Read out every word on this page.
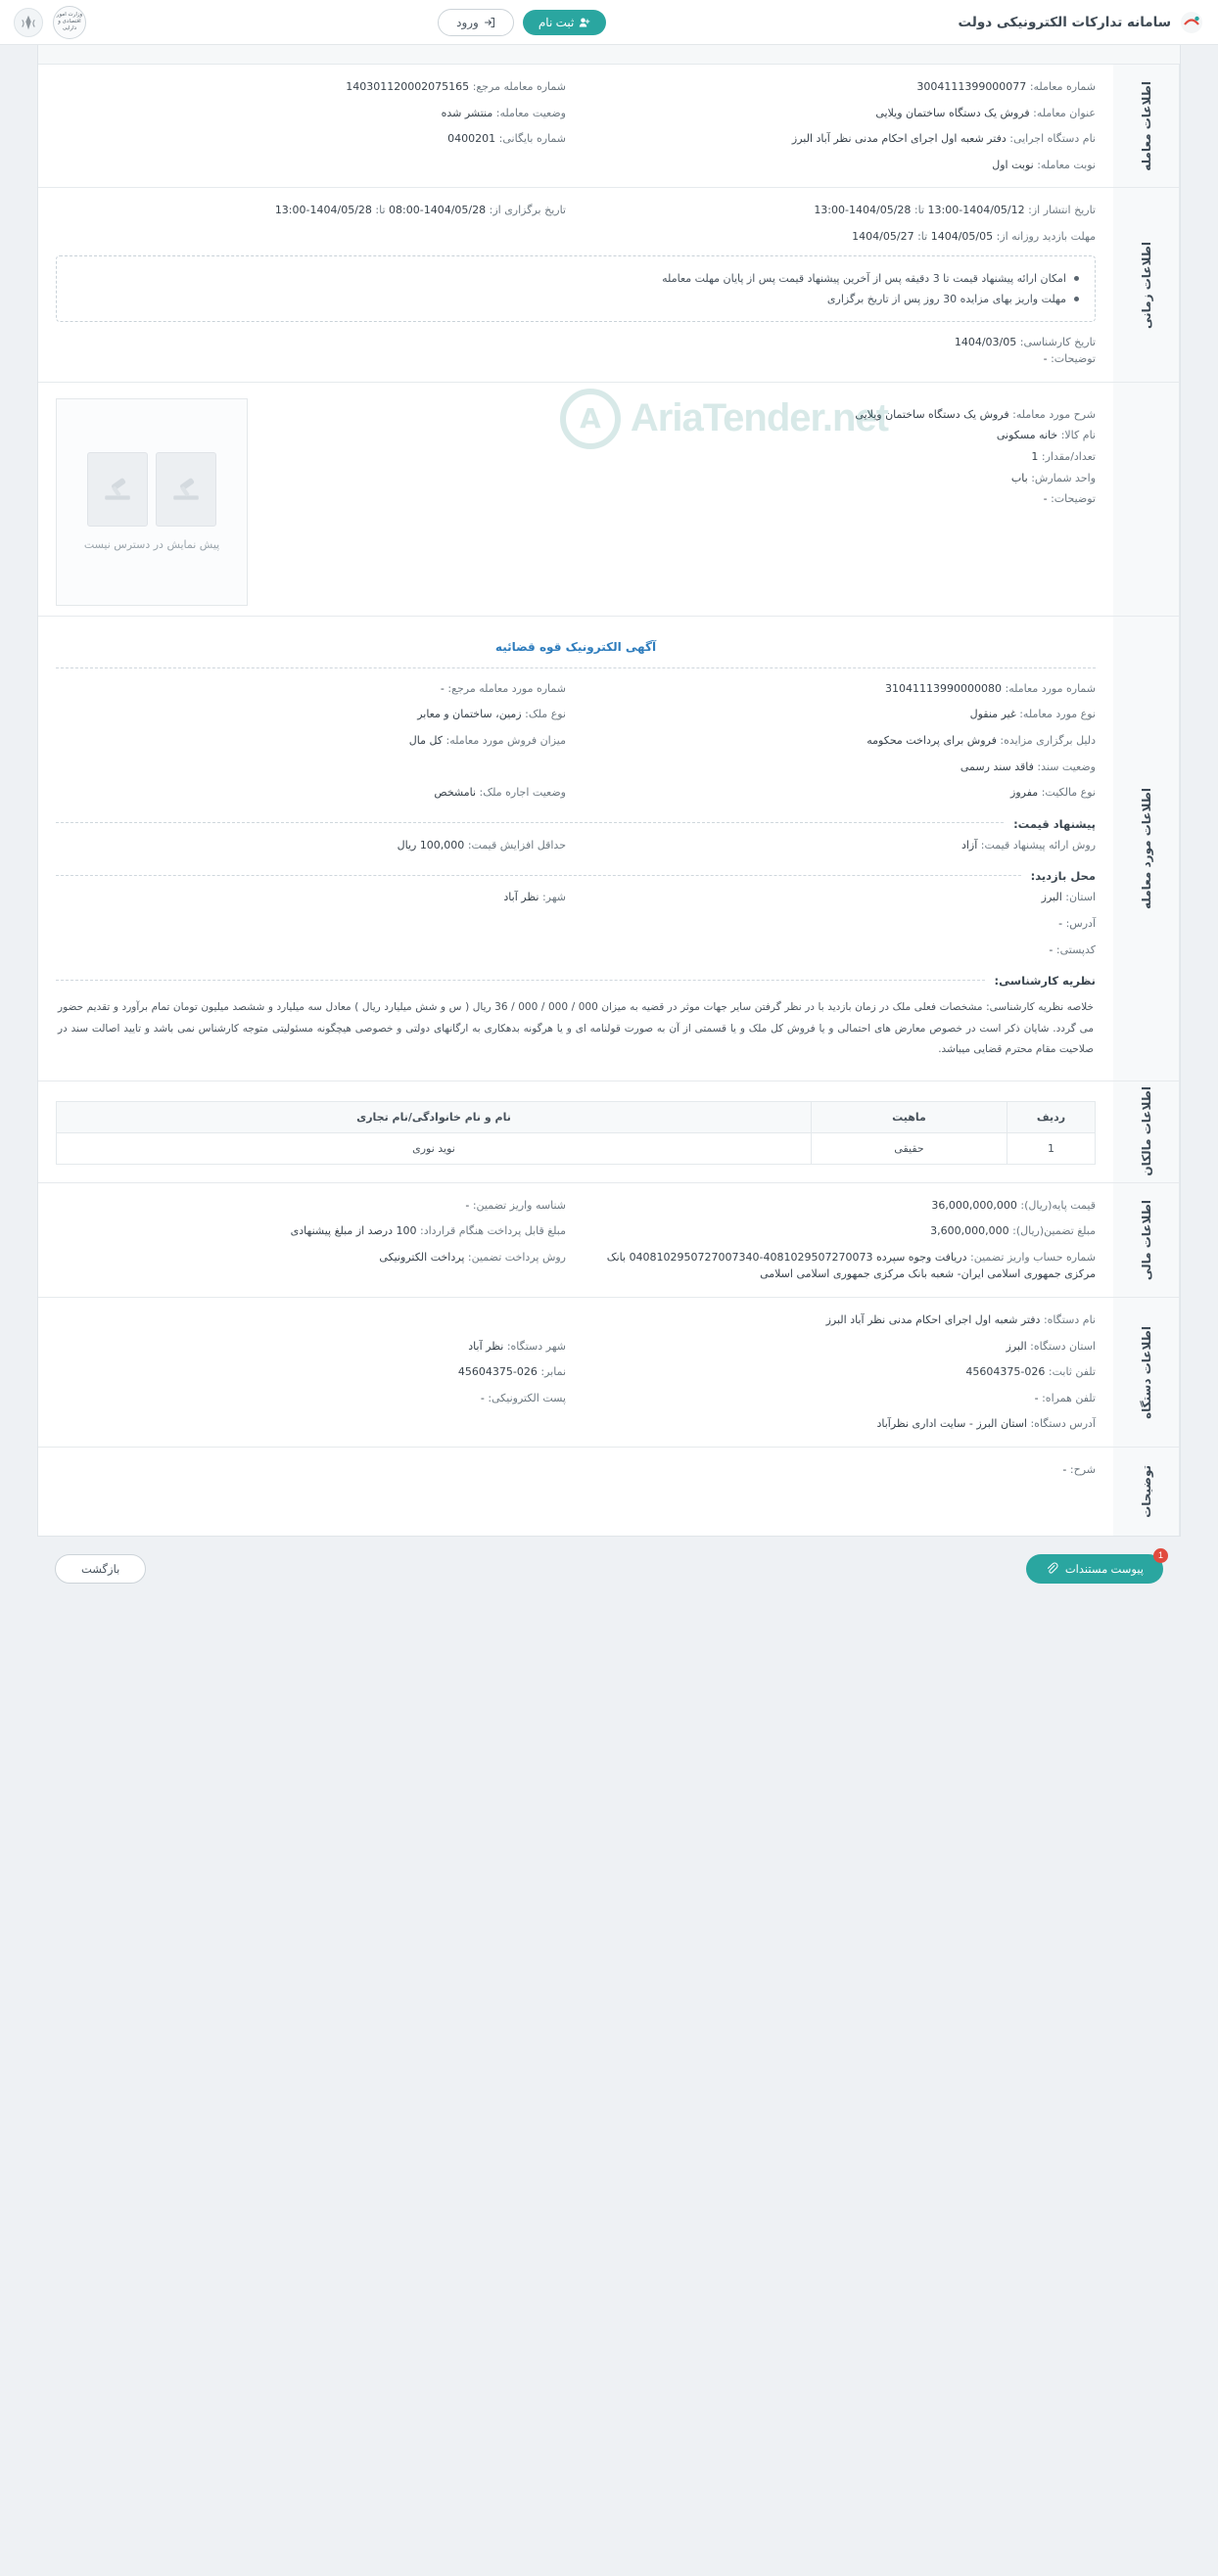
سامانه تدارکات الکترونیکی دولت
ثبت نام
ورود
وزارت امور اقتصادی و دارایی
اطلاعات معامله
شماره معامله: 3004111399000077
شماره معامله مرجع: 140301120002075165
عنوان معامله: فروش یک دستگاه ساختمان ویلایی
وضعیت معامله: منتشر شده
نام دستگاه اجرایی: دفتر شعبه اول اجرای احکام مدنی نظر آباد البرز
شماره بایگانی: 0400201
نوبت معامله: نوبت اول
اطلاعات زمانی
تاریخ انتشار از: 1404/05/12-13:00 تا: 1404/05/28-13:00
تاریخ برگزاری از: 1404/05/28-08:00 تا: 1404/05/28-13:00
مهلت بازدید روزانه از: 1404/05/05 تا: 1404/05/27
امکان ارائه پیشنهاد قیمت تا 3 دقیقه پس از آخرین پیشنهاد قیمت پس از پایان مهلت معامله
مهلت واریز بهای مزایده 30 روز پس از تاریخ برگزاری
تاریخ کارشناسی: 1404/03/05
توضیحات: -
AriaTender.net
A	شرح مورد معامله: فروش یک دستگاه ساختمان ویلایی
نام کالا: خانه مسکونی
تعداد/مقدار: 1
واحد شمارش: باب
توضیحات: -
پیش نمایش در دسترس نیست
اطلاعات مورد معامله
آگهی الکترونیک قوه قضائیه
شماره مورد معامله: 31041113990000080
شماره مورد معامله مرجع: -
نوع مورد معامله: غیر منقول
نوع ملک: زمین، ساختمان و معابر
دلیل برگزاری مزایده: فروش برای پرداخت محکومه
میزان فروش مورد معامله: کل مال
وضعیت سند: فاقد سند رسمی
نوع مالکیت: مفروز
وضعیت اجاره ملک: نامشخص
پیشنهاد قیمت:
روش ارائه پیشنهاد قیمت: آزاد
حداقل افزایش قیمت: 100,000 ریال
محل بازدید:
استان: البرز
شهر: نظر آباد
آدرس: -
کدپستی: -
نظریه کارشناسی:
خلاصه نظریه کارشناسی: مشخصات فعلی ملک در زمان بازدید با در نظر گرفتن سایر جهات موثر در قضیه به میزان 000 / 000 / 000 / 36 ریال ( س و شش میلیارد ریال ) معادل سه میلیارد و ششصد میلیون تومان تمام برآورد و تقدیم حضور می گردد. شایان ذکر است در خصوص معارض های احتمالی و یا فروش کل ملک و یا قسمتی از آن به صورت قولنامه ای و یا هرگونه بدهکاری به ارگانهای دولتی و خصوصی هیچگونه مسئولیتی متوجه کارشناس نمی باشد و تایید اصالت سند در صلاحیت مقام محترم قضایی میباشد.
اطلاعات مالکان
ردیف	ماهیت	نام و نام خانوادگی/نام تجاری
1	حقیقی	نوید نوری
اطلاعات مالی
قیمت پایه(ریال): 36,000,000,000
شناسه واریز تضمین: -
مبلغ تضمین(ریال): 3,600,000,000
مبلغ قابل پرداخت هنگام قرارداد: 100 درصد از مبلغ پیشنهادی
شماره حساب واریز تضمین: دریافت وجوه سپرده 4081029507270073-0408102950727007340 بانک مرکزی جمهوری اسلامی ایران- شعبه بانک مرکزی جمهوری اسلامی اسلامی
روش پرداخت تضمین: پرداخت الکترونیکی
اطلاعات دستگاه
نام دستگاه: دفتر شعبه اول اجرای احکام مدنی نظر آباد البرز
استان دستگاه: البرز
شهر دستگاه: نظر آباد
تلفن ثابت: 026-45604375
نمابر: 026-45604375
تلفن همراه: -
پست الکترونیکی: -
آدرس دستگاه: استان البرز - سایت اداری نظرآباد
توضیحات
شرح: -
1
پیوست مستندات
بازگشت
